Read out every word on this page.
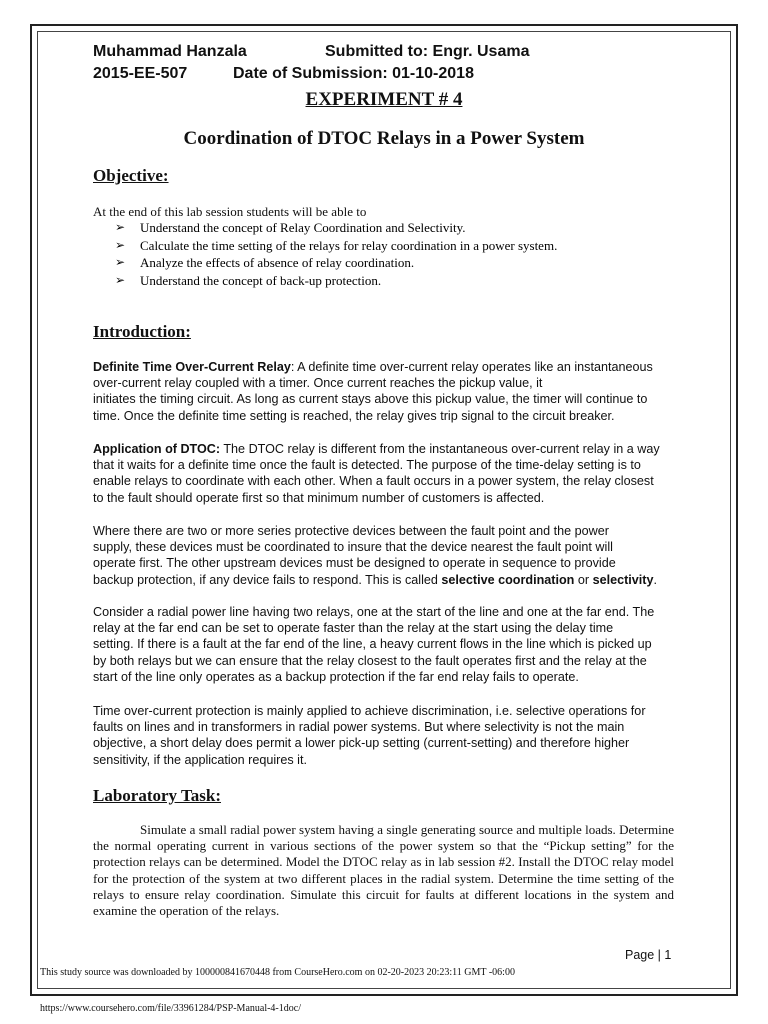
Muhammad Hanzala	Submitted to: Engr. Usama
2015-EE-507	Date of Submission: 01-10-2018
EXPERIMENT # 4
Coordination of DTOC Relays in a Power System
Objective:
At the end of this lab session students will be able to
➢ Understand the concept of Relay Coordination and Selectivity.
➢ Calculate the time setting of the relays for relay coordination in a power system.
➢ Analyze the effects of absence of relay coordination.
➢ Understand the concept of back-up protection.
Introduction:
Definite Time Over-Current Relay: A definite time over-current relay operates like an instantaneous
over-current relay coupled with a timer. Once current reaches the pickup value, it
initiates the timing circuit. As long as current stays above this pickup value, the timer will continue to
time. Once the definite time setting is reached, the relay gives trip signal to the circuit breaker.
Application of DTOC: The DTOC relay is different from the instantaneous over-current relay in a way
that it waits for a definite time once the fault is detected. The purpose of the time-delay setting is to
enable relays to coordinate with each other. When a fault occurs in a power system, the relay closest
to the fault should operate first so that minimum number of customers is affected.
Where there are two or more series protective devices between the fault point and the power
supply, these devices must be coordinated to insure that the device nearest the fault point will
operate first. The other upstream devices must be designed to operate in sequence to provide
backup protection, if any device fails to respond. This is called selective coordination or selectivity.
Consider a radial power line having two relays, one at the start of the line and one at the far end. The
relay at the far end can be set to operate faster than the relay at the start using the delay time
setting. If there is a fault at the far end of the line, a heavy current flows in the line which is picked up
by both relays but we can ensure that the relay closest to the fault operates first and the relay at the
start of the line only operates as a backup protection if the far end relay fails to operate.
Time over-current protection is mainly applied to achieve discrimination, i.e. selective operations for
faults on lines and in transformers in radial power systems. But where selectivity is not the main
objective, a short delay does permit a lower pick-up setting (current-setting) and therefore higher
sensitivity, if the application requires it.
Laboratory Task:
Simulate a small radial power system having a single generating source and multiple loads. Determine the normal operating current in various sections of the power system so that the “Pickup setting” for the protection relays can be determined. Model the DTOC relay as in lab session #2. Install the DTOC relay model for the protection of the system at two different places in the radial system. Determine the time setting of the relays to ensure relay coordination. Simulate this circuit for faults at different locations in the system and examine the operation of the relays.
Page | 1
This study source was downloaded by 100000841670448 from CourseHero.com on 02-20-2023 20:23:11 GMT -06:00
https://www.coursehero.com/file/33961284/PSP-Manual-4-1doc/
